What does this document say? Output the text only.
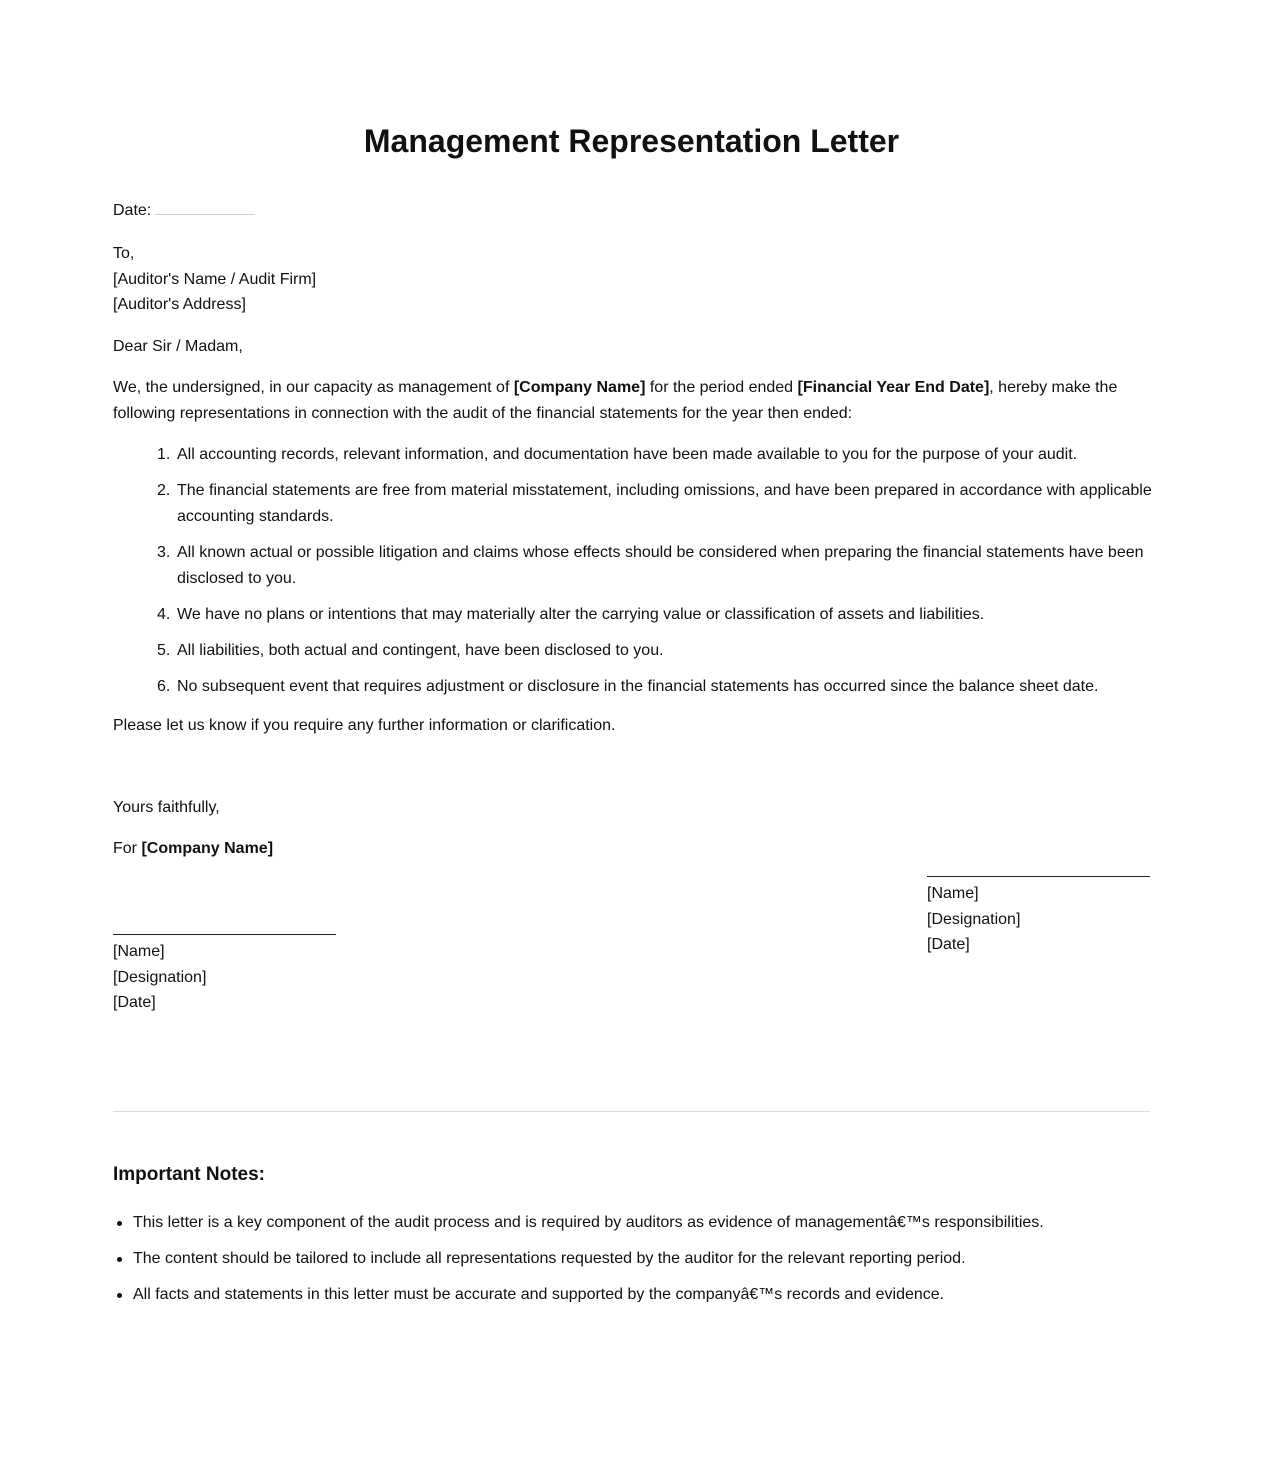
Management Representation Letter
Date:
To,
[Auditor's Name / Audit Firm]
[Auditor's Address]
Dear Sir / Madam,
We, the undersigned, in our capacity as management of [Company Name] for the period ended [Financial Year End Date], hereby make the following representations in connection with the audit of the financial statements for the year then ended:
1. All accounting records, relevant information, and documentation have been made available to you for the purpose of your audit.
2. The financial statements are free from material misstatement, including omissions, and have been prepared in accordance with applicable accounting standards.
3. All known actual or possible litigation and claims whose effects should be considered when preparing the financial statements have been disclosed to you.
4. We have no plans or intentions that may materially alter the carrying value or classification of assets and liabilities.
5. All liabilities, both actual and contingent, have been disclosed to you.
6. No subsequent event that requires adjustment or disclosure in the financial statements has occurred since the balance sheet date.
Please let us know if you require any further information or clarification.
Yours faithfully,
For [Company Name]
[Name]
[Designation]
[Date]
[Name]
[Designation]
[Date]
Important Notes:
This letter is a key component of the audit process and is required by auditors as evidence of managementâ€™s responsibilities.
The content should be tailored to include all representations requested by the auditor for the relevant reporting period.
All facts and statements in this letter must be accurate and supported by the companyâ€™s records and evidence.
